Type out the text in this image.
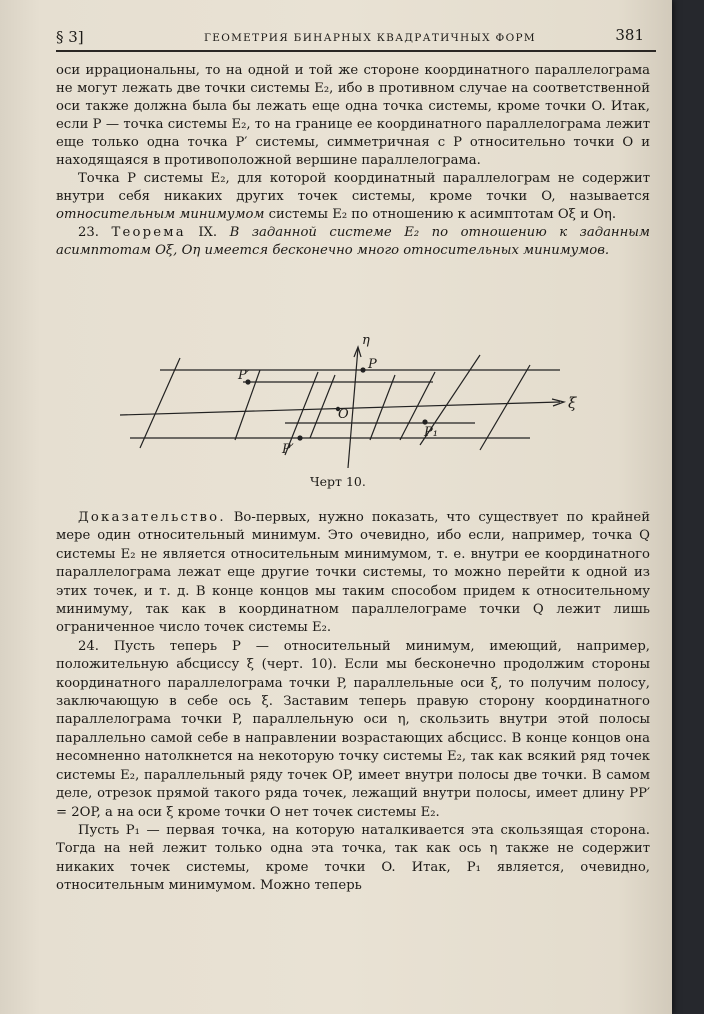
§ 3]	ГЕОМЕТРИЯ БИНАРНЫХ КВАДРАТИЧНЫХ ФОРМ	381

оси иррациональны, то на одной и той же стороне координатного параллелограма не могут лежать две точки системы E₂, ибо в противном случае на соответственной оси также должна была бы лежать еще одна точка системы, кроме точки O. Итак, если P — точка системы E₂, то на границе ее координатного параллелограма лежит еще только одна точка P′ системы, симметричная с P относительно точки O и находящаяся в противоположной вершине параллелограма.

Точка P системы E₂, для которой координатный параллелограм не содержит внутри себя никаких других точек системы, кроме точки O, называется относительным минимумом системы E₂ по отношению к асимптотам Oξ и Oη.

23. Теорема IX. В заданной системе E₂ по отношению к заданным асимптотам Oξ, Oη имеется бесконечно много относительных минимумов.

η
P
P′
O
P₁
P′
ξ
Черт 10.

Доказательство. Во-первых, нужно показать, что существует по крайней мере один относительный минимум. Это очевидно, ибо если, например, точка Q системы E₂ не является относительным минимумом, т. е. внутри ее координатного параллелограма лежат еще другие точки системы, то можно перейти к одной из этих точек, и т. д. В конце концов мы таким способом придем к относительному минимуму, так как в координатном параллелограме точки Q лежит лишь ограниченное число точек системы E₂.

24. Пусть теперь P — относительный минимум, имеющий, например, положительную абсциссу ξ (черт. 10). Если мы бесконечно продолжим стороны координатного параллелограма точки P, параллельные оси ξ, то получим полосу, заключающую в себе ось ξ. Заставим теперь правую сторону координатного параллелограма точки P, параллельную оси η, скользить внутри этой полосы параллельно самой себе в направлении возрастающих абсцисс. В конце концов она несомненно натолкнется на некоторую точку системы E₂, так как всякий ряд точек системы E₂, параллельный ряду точек OP, имеет внутри полосы две точки. В самом деле, отрезок прямой такого ряда точек, лежащий внутри полосы, имеет длину PP′ = 2OP, а на оси ξ кроме точки O нет точек системы E₂.

Пусть P₁ — первая точка, на которую наталкивается эта скользящая сторона. Тогда на ней лежит только одна эта точка, так как ось η также не содержит никаких точек системы, кроме точки O. Итак, P₁ является, очевидно, относительным минимумом. Можно теперь
